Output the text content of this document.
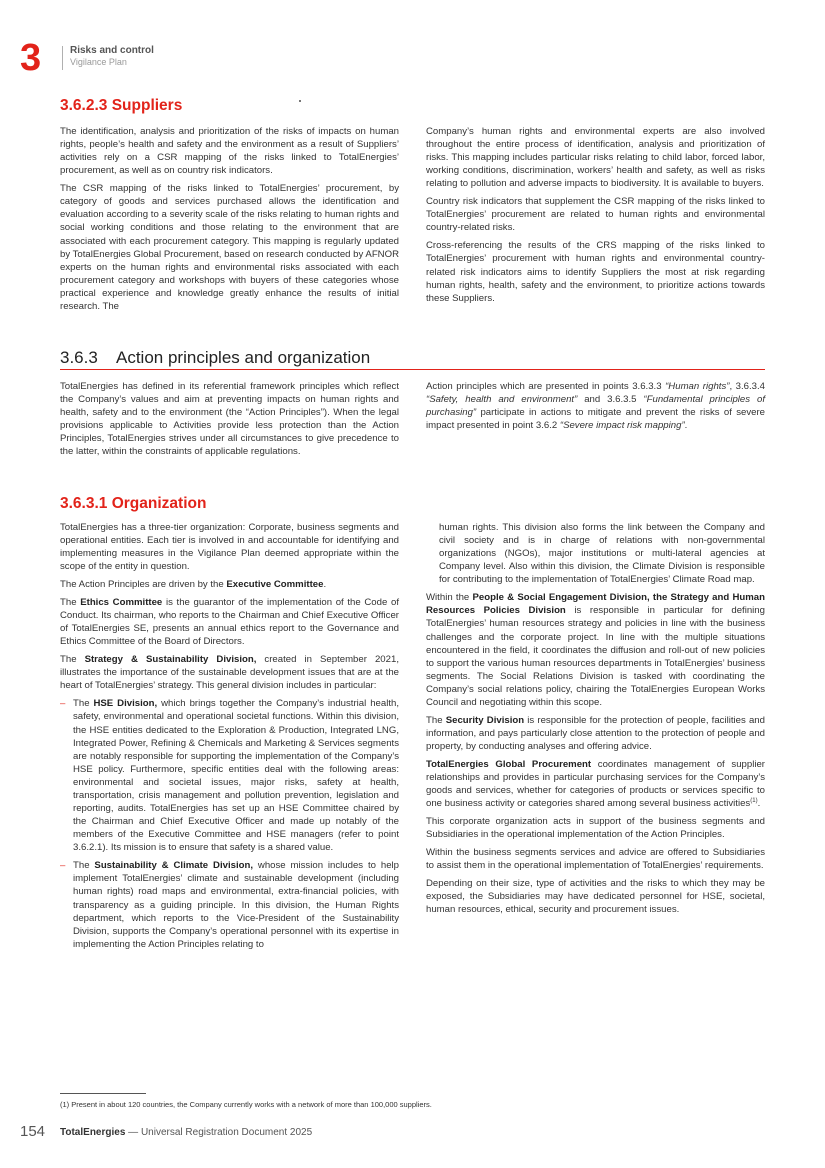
3	Risks and control
Vigilance Plan
3.6.2.3 Suppliers

The identification, analysis and prioritization of the risks of impacts on human rights, people’s health and safety and the environment as a result of Suppliers’ activities rely on a CSR mapping of the risks linked to TotalEnergies’ procurement, as well as on country risk indicators.

The CSR mapping of the risks linked to TotalEnergies’ procurement, by category of goods and services purchased allows the identification and evaluation according to a severity scale of the risks relating to human rights and social working conditions and those relating to the environment that are associated with each procurement category. This mapping is regularly updated by TotalEnergies Global Procurement, based on research conducted by AFNOR experts on the human rights and environmental risks associated with each procurement category and workshops with buyers of these categories whose practical experience and knowledge greatly enhance the results of initial research. The

Company’s human rights and environmental experts are also involved throughout the entire process of identification, analysis and prioritization of risks. This mapping includes particular risks relating to child labor, forced labor, working conditions, discrimination, workers’ health and safety, as well as risks relating to pollution and adverse impacts to biodiversity. It is available to buyers.

Country risk indicators that supplement the CSR mapping of the risks linked to TotalEnergies’ procurement are related to human rights and environmental country-related risks.

Cross-referencing the results of the CRS mapping of the risks linked to TotalEnergies’ procurement with human rights and environmental country-related risk indicators aims to identify Suppliers the most at risk regarding human rights, health, safety and the environment, to prioritize actions towards these Suppliers.

3.6.3 Action principles and organization

TotalEnergies has defined in its referential framework principles which reflect the Company’s values and aim at preventing impacts on human rights and health, safety and to the environment (the “Action Principles”). When the legal provisions applicable to Activities provide less protection than the Action Principles, TotalEnergies strives under all circumstances to give precedence to the latter, within the constraints of applicable regulations.

Action principles which are presented in points 3.6.3.3 “Human rights”, 3.6.3.4 “Safety, health and environment” and 3.6.3.5 “Fundamental principles of purchasing” participate in actions to mitigate and prevent the risks of severe impact presented in point 3.6.2 “Severe impact risk mapping”.

3.6.3.1 Organization

TotalEnergies has a three-tier organization: Corporate, business segments and operational entities. Each tier is involved in and accountable for identifying and implementing measures in the Vigilance Plan deemed appropriate within the scope of the entity in question.

The Action Principles are driven by the Executive Committee.

The Ethics Committee is the guarantor of the implementation of the Code of Conduct. Its chairman, who reports to the Chairman and Chief Executive Officer of TotalEnergies SE, presents an annual ethics report to the Governance and Ethics Committee of the Board of Directors.

The Strategy & Sustainability Division, created in September 2021, illustrates the importance of the sustainable development issues that are at the heart of TotalEnergies’ strategy. This general division includes in particular:

– The HSE Division, which brings together the Company’s industrial health, safety, environmental and operational societal functions. Within this division, the HSE entities dedicated to the Exploration & Production, Integrated LNG, Integrated Power, Refining & Chemicals and Marketing & Services segments are notably responsible for supporting the implementation of the Company’s HSE policy. Furthermore, specific entities deal with the following areas: environmental and societal issues, major risks, safety at health, transportation, crisis management and pollution prevention, legislation and reporting, audits. TotalEnergies has set up an HSE Committee chaired by the Chairman and Chief Executive Officer and made up notably of the members of the Executive Committee and HSE managers (refer to point 3.6.2.1). Its mission is to ensure that safety is a shared value.

– The Sustainability & Climate Division, whose mission includes to help implement TotalEnergies’ climate and sustainable development (including human rights) road maps and environmental, extra-financial policies, with transparency as a guiding principle. In this division, the Human Rights department, which reports to the Vice-President of the Sustainability Division, supports the Company’s operational personnel with its expertise in implementing the Action Principles relating to

human rights. This division also forms the link between the Company and civil society and is in charge of relations with non-governmental organizations (NGOs), major institutions or multi-lateral agencies at Company level. Also within this division, the Climate Division is responsible for contributing to the implementation of TotalEnergies’ Climate Road map.

Within the People & Social Engagement Division, the Strategy and Human Resources Policies Division is responsible in particular for defining TotalEnergies’ human resources strategy and policies in line with the business challenges and the corporate project. In line with the multiple situations encountered in the field, it coordinates the diffusion and roll-out of new policies to support the various human resources departments in TotalEnergies’ business segments. The Social Relations Division is tasked with coordinating the Company’s social relations policy, chairing the TotalEnergies European Works Council and negotiating within this scope.

The Security Division is responsible for the protection of people, facilities and information, and pays particularly close attention to the protection of people and property, by conducting analyses and offering advice.

TotalEnergies Global Procurement coordinates management of supplier relationships and provides in particular purchasing services for the Company’s goods and services, whether for categories of products or services specific to one business activity or categories shared among several business activities$^{(1)}$.

This corporate organization acts in support of the business segments and Subsidiaries in the operational implementation of the Action Principles.

Within the business segments services and advice are offered to Subsidiaries to assist them in the operational implementation of TotalEnergies’ requirements.

Depending on their size, type of activities and the risks to which they may be exposed, the Subsidiaries may have dedicated personnel for HSE, societal, human resources, ethical, security and procurement issues.

(1) Present in about 120 countries, the Company currently works with a network of more than 100,000 suppliers.
154 TotalEnergies — Universal Registration Document 2025
